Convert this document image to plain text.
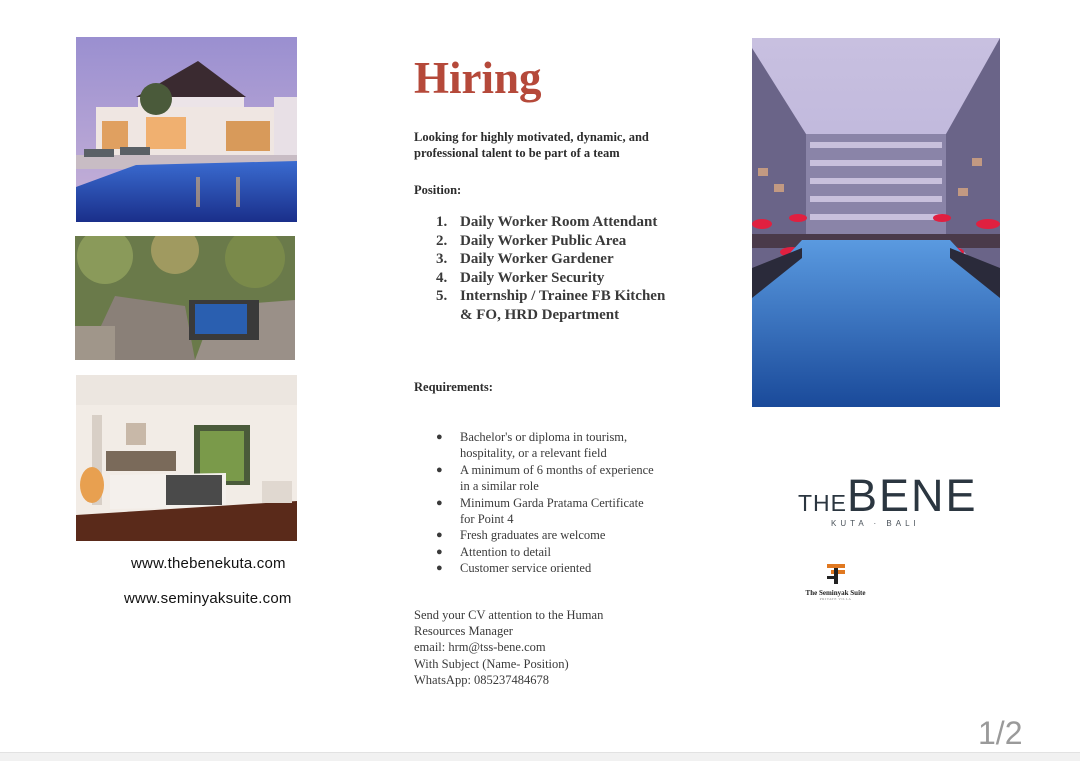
www.thebenekuta.com
www.seminyaksuite.com
Hiring
Looking for highly motivated, dynamic, and professional talent to be part of a team
Position:
1. Daily Worker Room Attendant
2. Daily Worker Public Area
3. Daily Worker Gardener
4. Daily Worker Security
5. Internship / Trainee FB Kitchen & FO, HRD Department
Requirements:
● Bachelor's or diploma in tourism, hospitality, or a relevant field
● A minimum of 6 months of experience in a similar role
● Minimum Garda Pratama Certificate for Point 4
● Fresh graduates are welcome
● Attention to detail
● Customer service oriented
Send your CV attention to the Human
Resources Manager
email: hrm@tss-bene.com
With Subject (Name- Position)
WhatsApp: 085237484678
THEBENE
KUTA · BALI
The Seminyak Suite
PRIVATE VILLA
1/2
